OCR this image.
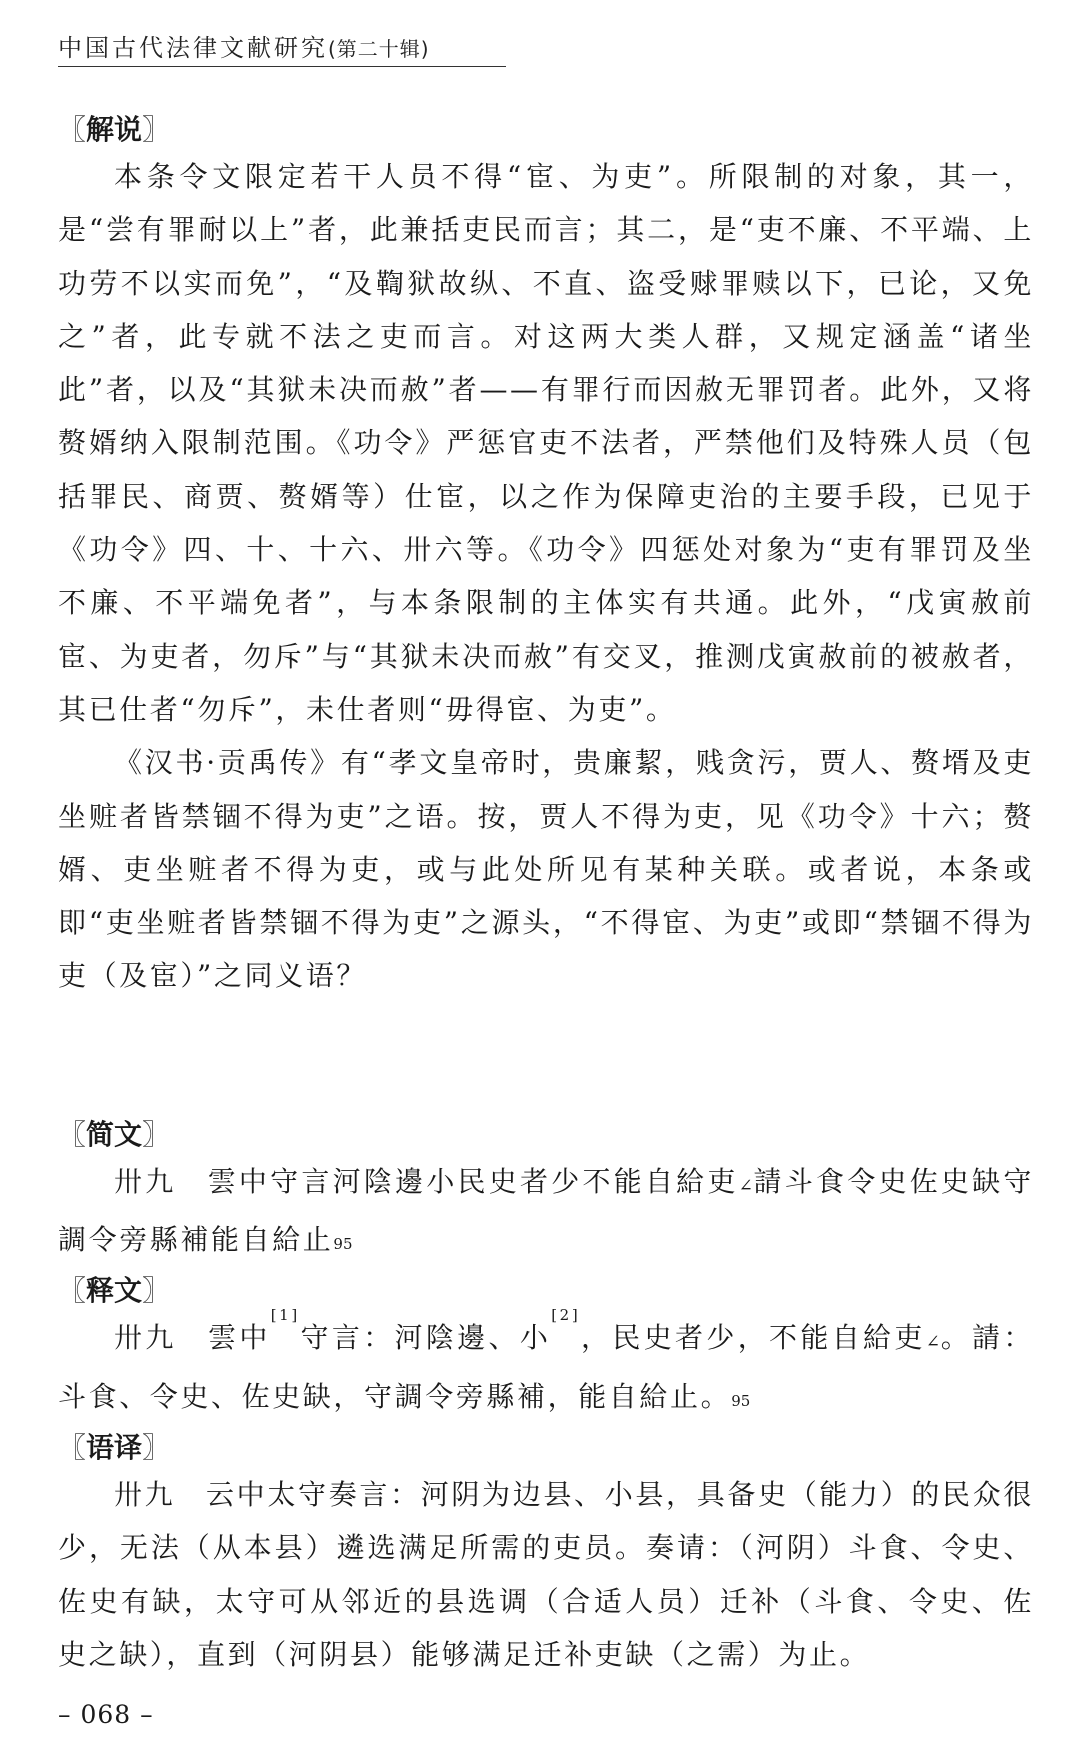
中国古代法律文献研究(第二十辑)
〖解说〗

本条令文限定若干人员不得“宦、为吏”。所限制的对象，其一，是“尝有罪耐以上”者，此兼括吏民而言；其二，是“吏不廉、不平端、上功劳不以实而免”，“及鞫狱故纵、不直、盗受赇罪赎以下，已论，又免之”者，此专就不法之吏而言。对这两大类人群，又规定涵盖“诸坐此”者，以及“其狱未决而赦”者——有罪行而因赦无罪罚者。此外，又将赘婿纳入限制范围。《功令》严惩官吏不法者，严禁他们及特殊人员（包括罪民、商贾、赘婿等）仕宦，以之作为保障吏治的主要手段，已见于《功令》四、十、十六、卅六等。《功令》四惩处对象为“吏有罪罚及坐不廉、不平端免者”，与本条限制的主体实有共通。此外，“戊寅赦前宦、为吏者，勿斥”与“其狱未决而赦”有交叉，推测戊寅赦前的被赦者，其已仕者“勿斥”，未仕者则“毋得宦、为吏”。

《汉书·贡禹传》有“孝文皇帝时，贵廉絜，贱贪污，贾人、赘壻及吏坐赃者皆禁锢不得为吏”之语。按，贾人不得为吏，见《功令》十六；赘婿、吏坐赃者不得为吏，或与此处所见有某种关联。或者说，本条或即“吏坐赃者皆禁锢不得为吏”之源头，“不得宦、为吏”或即“禁锢不得为吏（及宦）”之同义语？

〖简文〗

卅九　 雲中守言河陰邊小民史者少不能自給吏∠請斗食令史佐史缺守調令旁縣補能自給止95

〖释文〗

卅九　 雲中[1]守言：河陰邊、小[2]，民史者少，不能自給吏∠。請：斗食、令史、佐史缺，守調令旁縣補，能自給止。95

〖语译〗

卅九　 云中太守奏言：河阴为边县、小县，具备史（能力）的民众很少，无法（从本县）遴选满足所需的吏员。奏请：（河阴）斗食、令史、佐史有缺，太守可从邻近的县选调（合适人员）迁补（斗食、令史、佐史之缺），直到（河阴县）能够满足迁补吏缺（之需）为止。

– 068 –
